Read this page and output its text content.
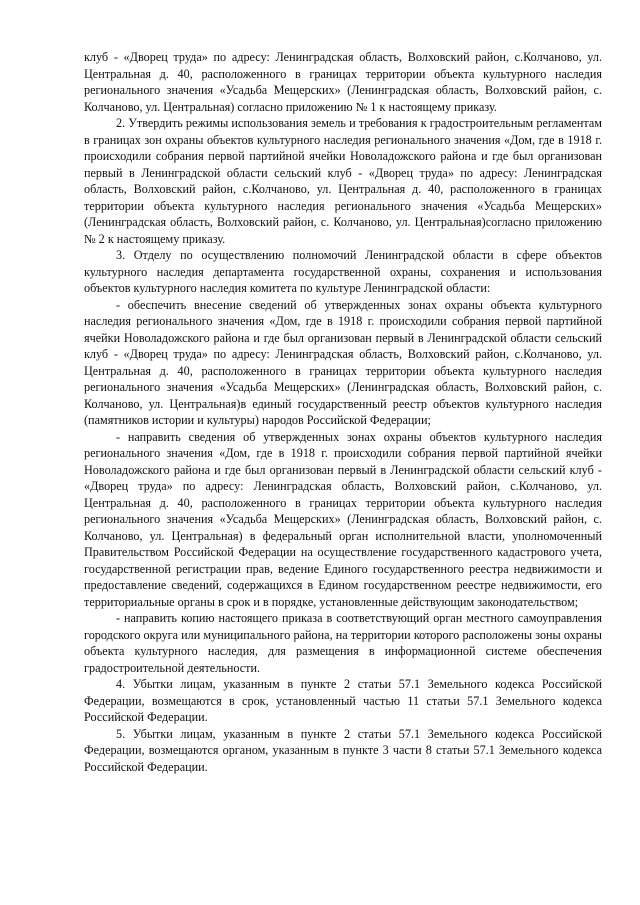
клуб - «Дворец труда» по адресу: Ленинградская область, Волховский район, с.Колчаново, ул. Центральная д. 40, расположенного в границах территории объекта культурного наследия регионального значения «Усадьба Мещерских» (Ленинградская область, Волховский район, с. Колчаново, ул. Центральная) согласно приложению № 1 к настоящему приказу.

2. Утвердить режимы использования земель и требования к градостроительным регламентам в границах зон охраны объектов культурного наследия регионального значения «Дом, где в 1918 г. происходили собрания первой партийной ячейки Новоладожского района и где был организован первый в Ленинградской области сельский клуб - «Дворец труда» по адресу: Ленинградская область, Волховский район, с.Колчаново, ул. Центральная д. 40, расположенного в границах территории объекта культурного наследия регионального значения «Усадьба Мещерских» (Ленинградская область, Волховский район, с. Колчаново, ул. Центральная)согласно приложению № 2 к настоящему приказу.

3. Отделу по осуществлению полномочий Ленинградской области в сфере объектов культурного наследия департамента государственной охраны, сохранения и использования объектов культурного наследия комитета по культуре Ленинградской области:

- обеспечить внесение сведений об утвержденных зонах охраны объекта культурного наследия регионального значения «Дом, где в 1918 г. происходили собрания первой партийной ячейки Новоладожского района и где был организован первый в Ленинградской области сельский клуб - «Дворец труда» по адресу: Ленинградская область, Волховский район, с.Колчаново, ул. Центральная д. 40, расположенного в границах территории объекта культурного наследия регионального значения «Усадьба Мещерских» (Ленинградская область, Волховский район, с. Колчаново, ул. Центральная)в единый государственный реестр объектов культурного наследия (памятников истории и культуры) народов Российской Федерации;

- направить сведения об утвержденных зонах охраны объектов культурного наследия регионального значения «Дом, где в 1918 г. происходили собрания первой партийной ячейки Новоладожского района и где был организован первый в Ленинградской области сельский клуб - «Дворец труда» по адресу: Ленинградская область, Волховский район, с.Колчаново, ул. Центральная д. 40, расположенного в границах территории объекта культурного наследия регионального значения «Усадьба Мещерских» (Ленинградская область, Волховский район, с. Колчаново, ул. Центральная) в федеральный орган исполнительной власти, уполномоченный Правительством Российской Федерации на осуществление государственного кадастрового учета, государственной регистрации прав, ведение Единого государственного реестра недвижимости и предоставление сведений, содержащихся в Едином государственном реестре недвижимости, его территориальные органы в срок и в порядке, установленные действующим законодательством;

- направить копию настоящего приказа в соответствующий орган местного самоуправления городского округа или муниципального района, на территории которого расположены зоны охраны объекта культурного наследия, для размещения в информационной системе обеспечения градостроительной деятельности.

4. Убытки лицам, указанным в пункте 2 статьи 57.1 Земельного кодекса Российской Федерации, возмещаются в срок, установленный частью 11 статьи 57.1 Земельного кодекса Российской Федерации.

5. Убытки лицам, указанным в пункте 2 статьи 57.1 Земельного кодекса Российской Федерации, возмещаются органом, указанным в пункте 3 части 8 статьи 57.1 Земельного кодекса Российской Федерации.
